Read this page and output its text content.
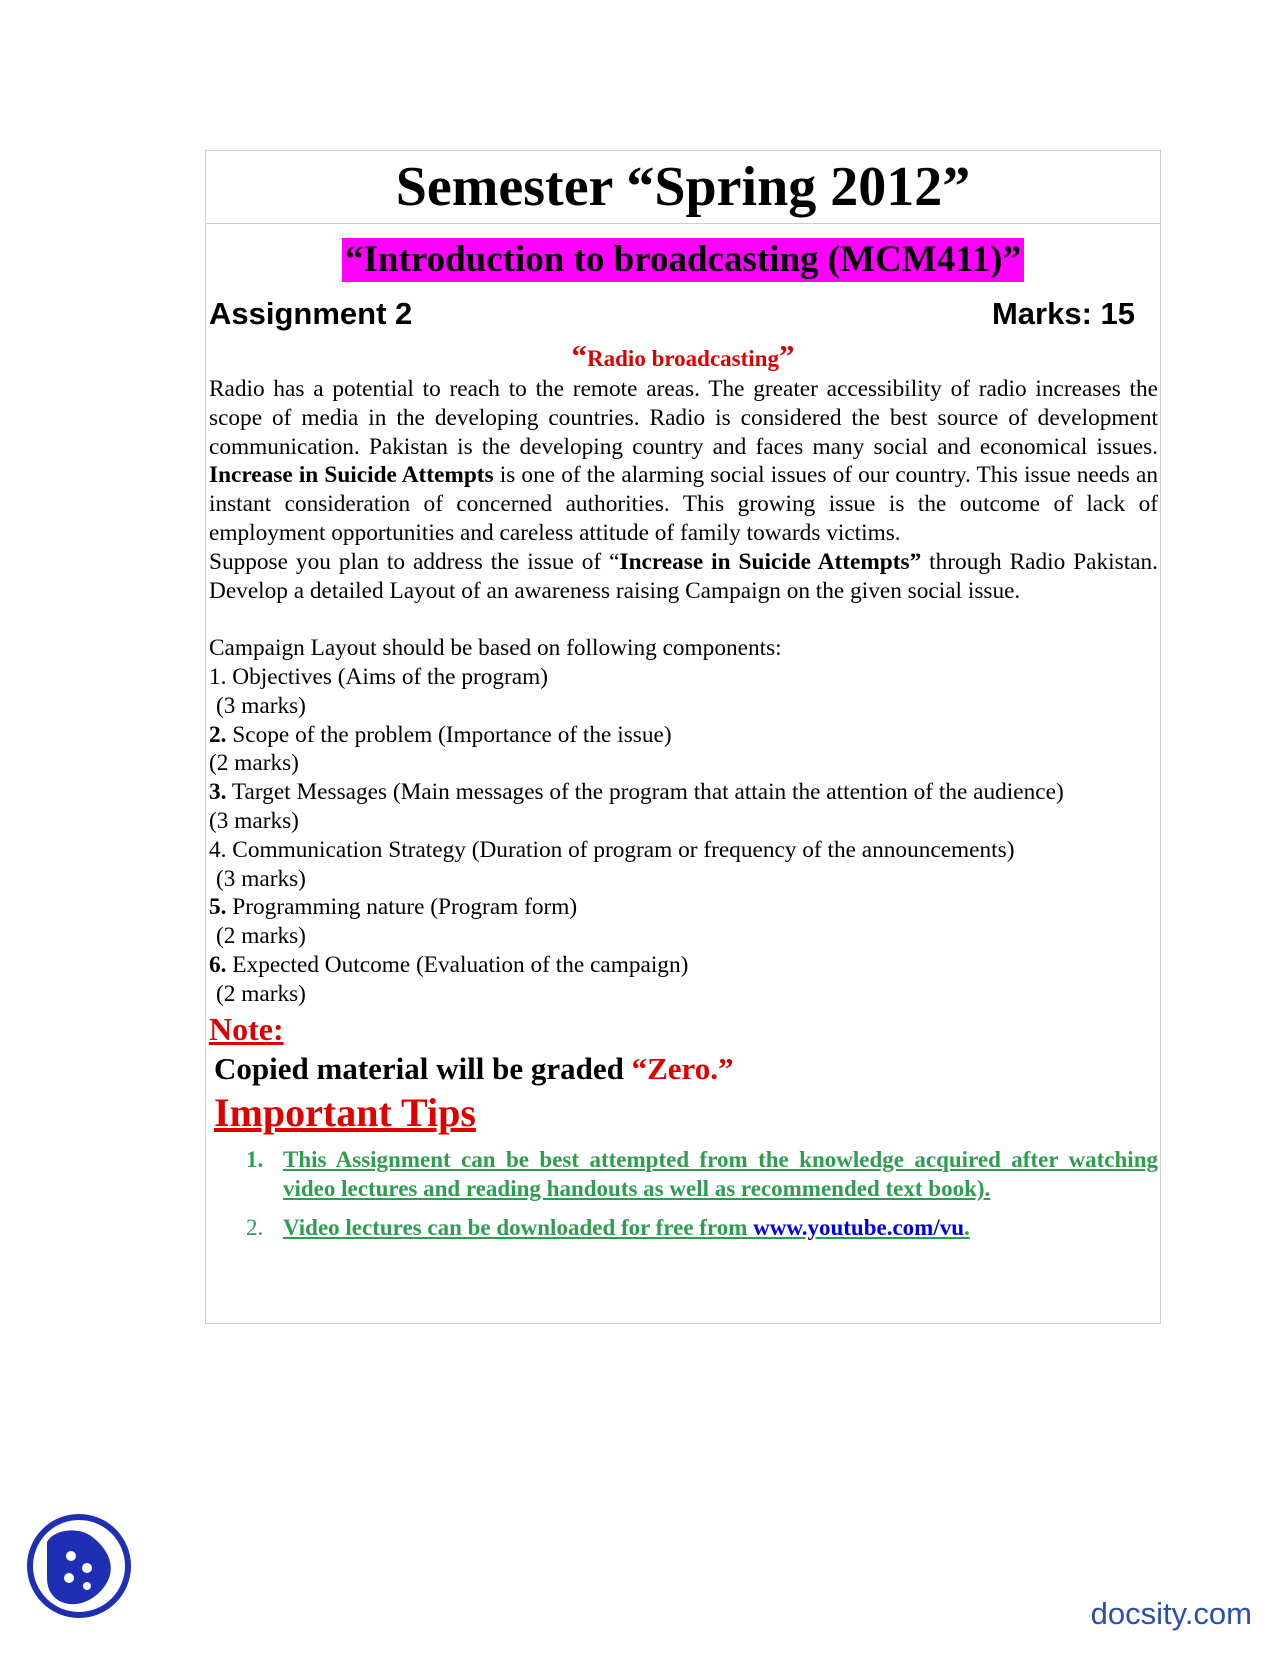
Semester “Spring 2012”
“Introduction to broadcasting (MCM411)”
Assignment 2	Marks: 15
“Radio broadcasting”
Radio has a potential to reach to the remote areas. The greater accessibility of radio increases the scope of media in the developing countries. Radio is considered the best source of development communication. Pakistan is the developing country and faces many social and economical issues. Increase in Suicide Attempts is one of the alarming social issues of our country. This issue needs an instant consideration of concerned authorities. This growing issue is the outcome of lack of employment opportunities and careless attitude of family towards victims.
Suppose you plan to address the issue of “Increase in Suicide Attempts” through Radio Pakistan. Develop a detailed Layout of an awareness raising Campaign on the given social issue.
Campaign Layout should be based on following components:
1. Objectives (Aims of the program)
(3 marks)
2. Scope of the problem (Importance of the issue)
(2 marks)
3. Target Messages (Main messages of the program that attain the attention of the audience)
(3 marks)
4. Communication Strategy (Duration of program or frequency of the announcements)
(3 marks)
5. Programming nature (Program form)
(2 marks)
6. Expected Outcome (Evaluation of the campaign)
(2 marks)
Note:
Copied material will be graded “Zero.”
Important Tips
1. This Assignment can be best attempted from the knowledge acquired after watching video lectures and reading handouts as well as recommended text book).
2. Video lectures can be downloaded for free from www.youtube.com/vu.
docsity.com
